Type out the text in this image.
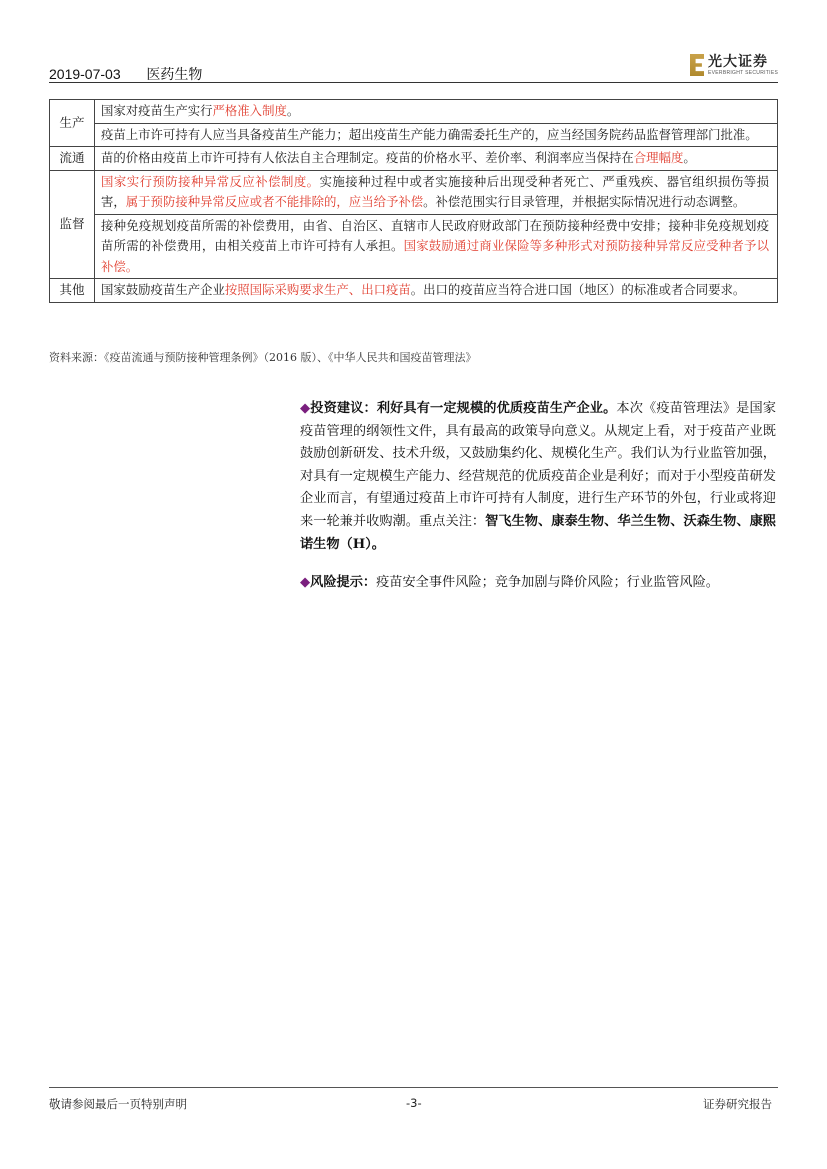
2019-07-03 医药生物
光大证券
EVERBRIGHT SECURITIES
生产	国家对疫苗生产实行严格准入制度。
	疫苗上市许可持有人应当具备疫苗生产能力；超出疫苗生产能力确需委托生产的，应当经国务院药品监督管理部门批准。
流通	苗的价格由疫苗上市许可持有人依法自主合理制定。疫苗的价格水平、差价率、利润率应当保持在合理幅度。
监督	国家实行预防接种异常反应补偿制度。实施接种过程中或者实施接种后出现受种者死亡、严重残疾、器官组织损伤等损害，属于预防接种异常反应或者不能排除的，应当给予补偿。补偿范围实行目录管理，并根据实际情况进行动态调整。
	接种免疫规划疫苗所需的补偿费用，由省、自治区、直辖市人民政府财政部门在预防接种经费中安排；接种非免疫规划疫苗所需的补偿费用，由相关疫苗上市许可持有人承担。国家鼓励通过商业保险等多种形式对预防接种异常反应受种者予以补偿。
其他	国家鼓励疫苗生产企业按照国际采购要求生产、出口疫苗。出口的疫苗应当符合进口国（地区）的标准或者合同要求。
资料来源：《疫苗流通与预防接种管理条例》（2016 版）、《中华人民共和国疫苗管理法》
◆投资建议：利好具有一定规模的优质疫苗生产企业。本次《疫苗管理法》是国家疫苗管理的纲领性文件，具有最高的政策导向意义。从规定上看，对于疫苗产业既鼓励创新研发、技术升级，又鼓励集约化、规模化生产。我们认为行业监管加强，对具有一定规模生产能力、经营规范的优质疫苗企业是利好；而对于小型疫苗研发企业而言，有望通过疫苗上市许可持有人制度，进行生产环节的外包，行业或将迎来一轮兼并收购潮。重点关注：智飞生物、康泰生物、华兰生物、沃森生物、康熙诺生物（H）。
◆风险提示：疫苗安全事件风险；竞争加剧与降价风险；行业监管风险。
敬请参阅最后一页特别声明	-3-	证券研究报告
